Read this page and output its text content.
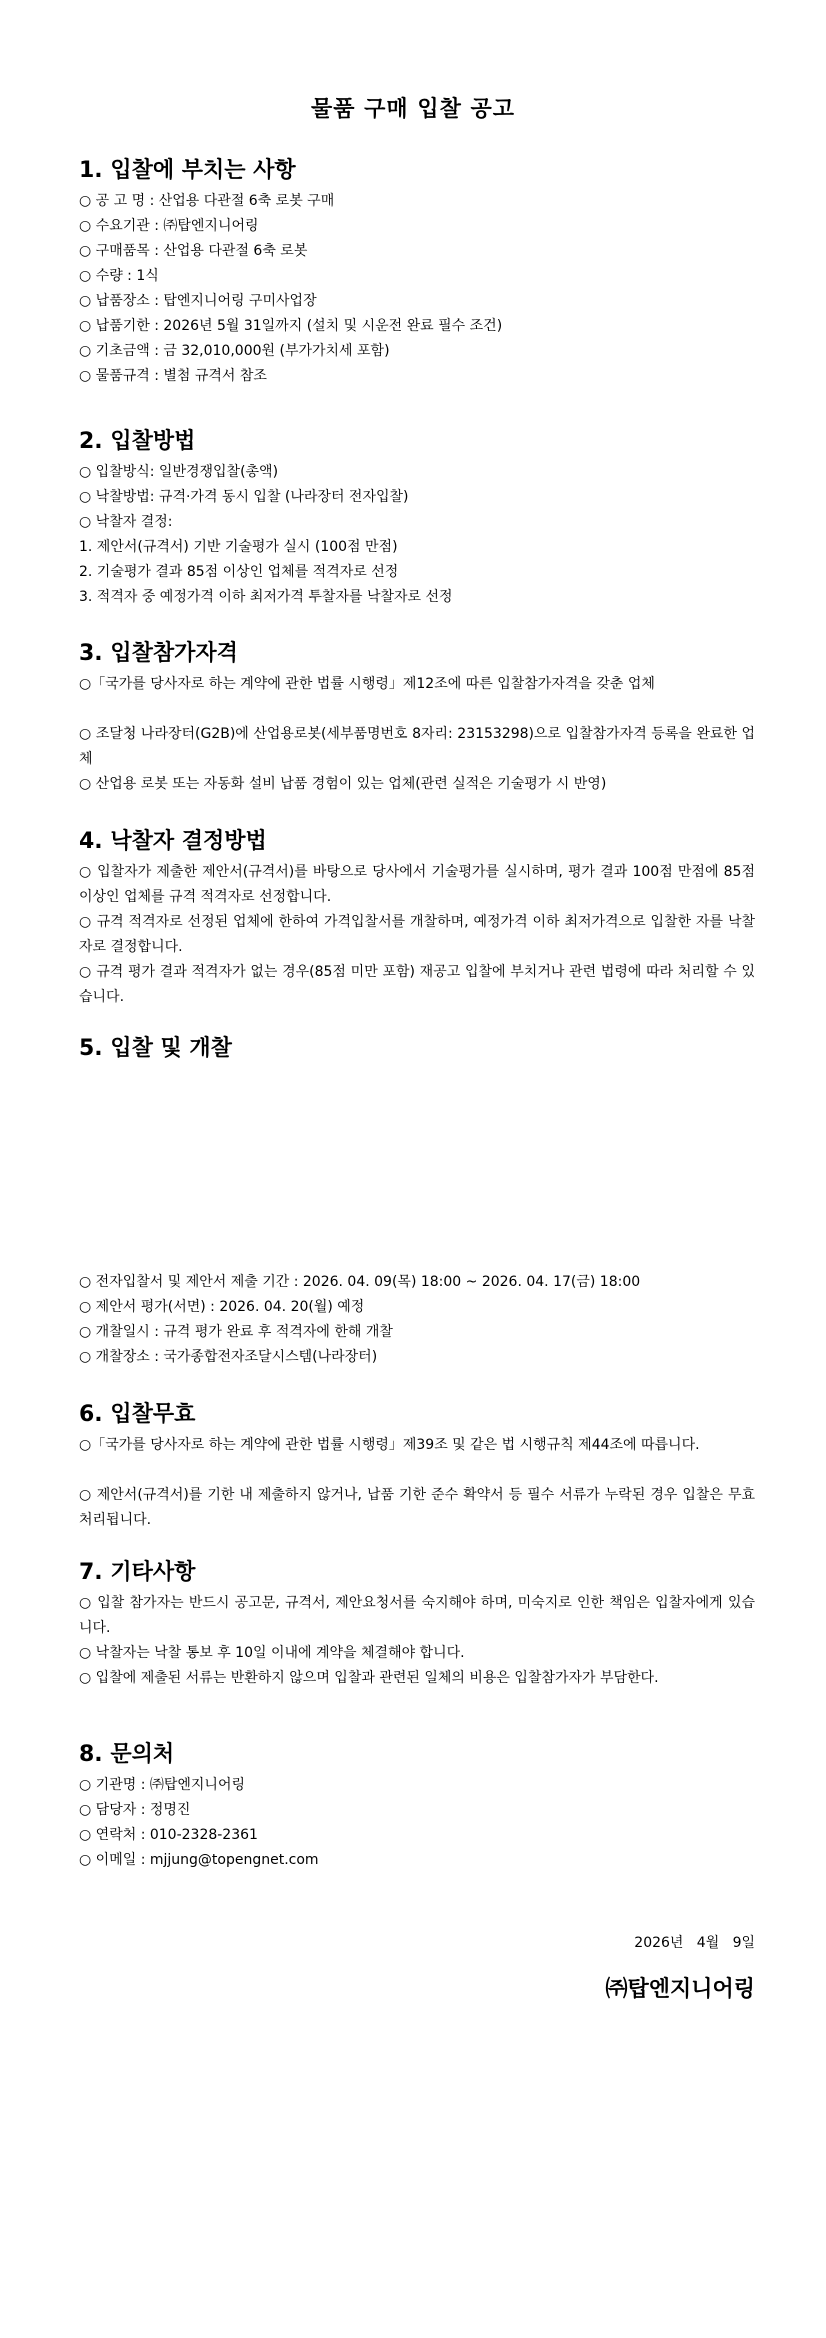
물품 구매 입찰 공고
1. 입찰에 부치는 사항
○ 공 고 명 : 산업용 다관절 6축 로봇 구매
○ 수요기관 : ㈜탑엔지니어링
○ 구매품목 : 산업용 다관절 6축 로봇
○ 수량 : 1식
○ 납품장소 : 탑엔지니어링 구미사업장
○ 납품기한 : 2026년 5월 31일까지 (설치 및 시운전 완료 필수 조건)
○ 기초금액 : 금 32,010,000원 (부가가치세 포함)
○ 물품규격 : 별첨 규격서 참조
2. 입찰방법
○ 입찰방식: 일반경쟁입찰(총액)
○ 낙찰방법: 규격·가격 동시 입찰 (나라장터 전자입찰)
○ 낙찰자 결정:
1. 제안서(규격서) 기반 기술평가 실시 (100점 만점)
2. 기술평가 결과 85점 이상인 업체를 적격자로 선정
3. 적격자 중 예정가격 이하 최저가격 투찰자를 낙찰자로 선정
3. 입찰참가자격
○「국가를 당사자로 하는 계약에 관한 법률 시행령」제12조에 따른 입찰참가자격을 갖춘 업체
○ 조달청 나라장터(G2B)에 산업용로봇(세부품명번호 8자리: 23153298)으로 입찰참가자격 등록을 완료한 업체
○ 산업용 로봇 또는 자동화 설비 납품 경험이 있는 업체(관련 실적은 기술평가 시 반영)
4. 낙찰자 결정방법
○ 입찰자가 제출한 제안서(규격서)를 바탕으로 당사에서 기술평가를 실시하며, 평가 결과 100점 만점에 85점 이상인 업체를 규격 적격자로 선정합니다.
○ 규격 적격자로 선정된 업체에 한하여 가격입찰서를 개찰하며, 예정가격 이하 최저가격으로 입찰한 자를 낙찰자로 결정합니다.
○ 규격 평가 결과 적격자가 없는 경우(85점 미만 포함) 재공고 입찰에 부치거나 관련 법령에 따라 처리할 수 있습니다.
5. 입찰 및 개찰
○ 전자입찰서 및 제안서 제출 기간 : 2026. 04. 09(목) 18:00 ~ 2026. 04. 17(금) 18:00
○ 제안서 평가(서면) : 2026. 04. 20(월) 예정
○ 개찰일시 : 규격 평가 완료 후 적격자에 한해 개찰
○ 개찰장소 : 국가종합전자조달시스템(나라장터)
6. 입찰무효
○「국가를 당사자로 하는 계약에 관한 법률 시행령」제39조 및 같은 법 시행규칙 제44조에 따릅니다.
○ 제안서(규격서)를 기한 내 제출하지 않거나, 납품 기한 준수 확약서 등 필수 서류가 누락된 경우 입찰은 무효 처리됩니다.
7. 기타사항
○ 입찰 참가자는 반드시 공고문, 규격서, 제안요청서를 숙지해야 하며, 미숙지로 인한 책임은 입찰자에게 있습니다.
○ 낙찰자는 낙찰 통보 후 10일 이내에 계약을 체결해야 합니다.
○ 입찰에 제출된 서류는 반환하지 않으며 입찰과 관련된 일체의 비용은 입찰참가자가 부담한다.
8. 문의처
○ 기관명 : ㈜탑엔지니어링
○ 담당자 : 정명진
○ 연락처 : 010-2328-2361
○ 이메일 : mjjung@topengnet.com
2026년   4월   9일
㈜탑엔지니어링
